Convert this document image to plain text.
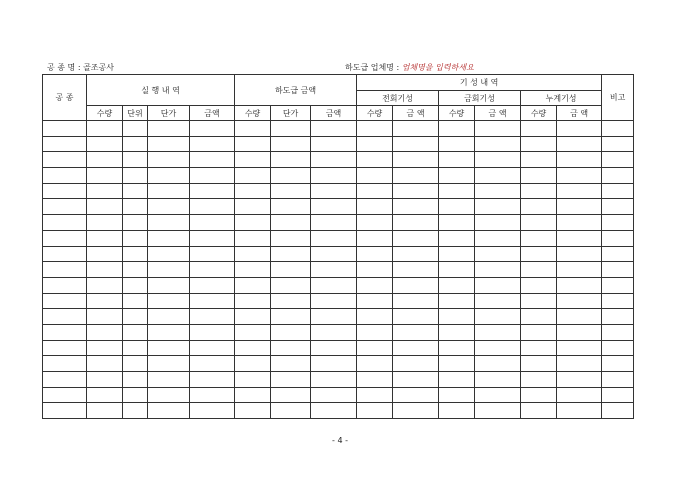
공 종 명 : 골조공사	하도급 업체명 : 업체명을 입력하세요
공 종	실 행 내 역				하도급 금액			기 성 내 역						비고
								전회기성		금회기성		누계기성		
	수량	단위	단가	금액	수량	단가	금액	수량	금 액	수량	금 액	수량	금 액	

- 4 -
